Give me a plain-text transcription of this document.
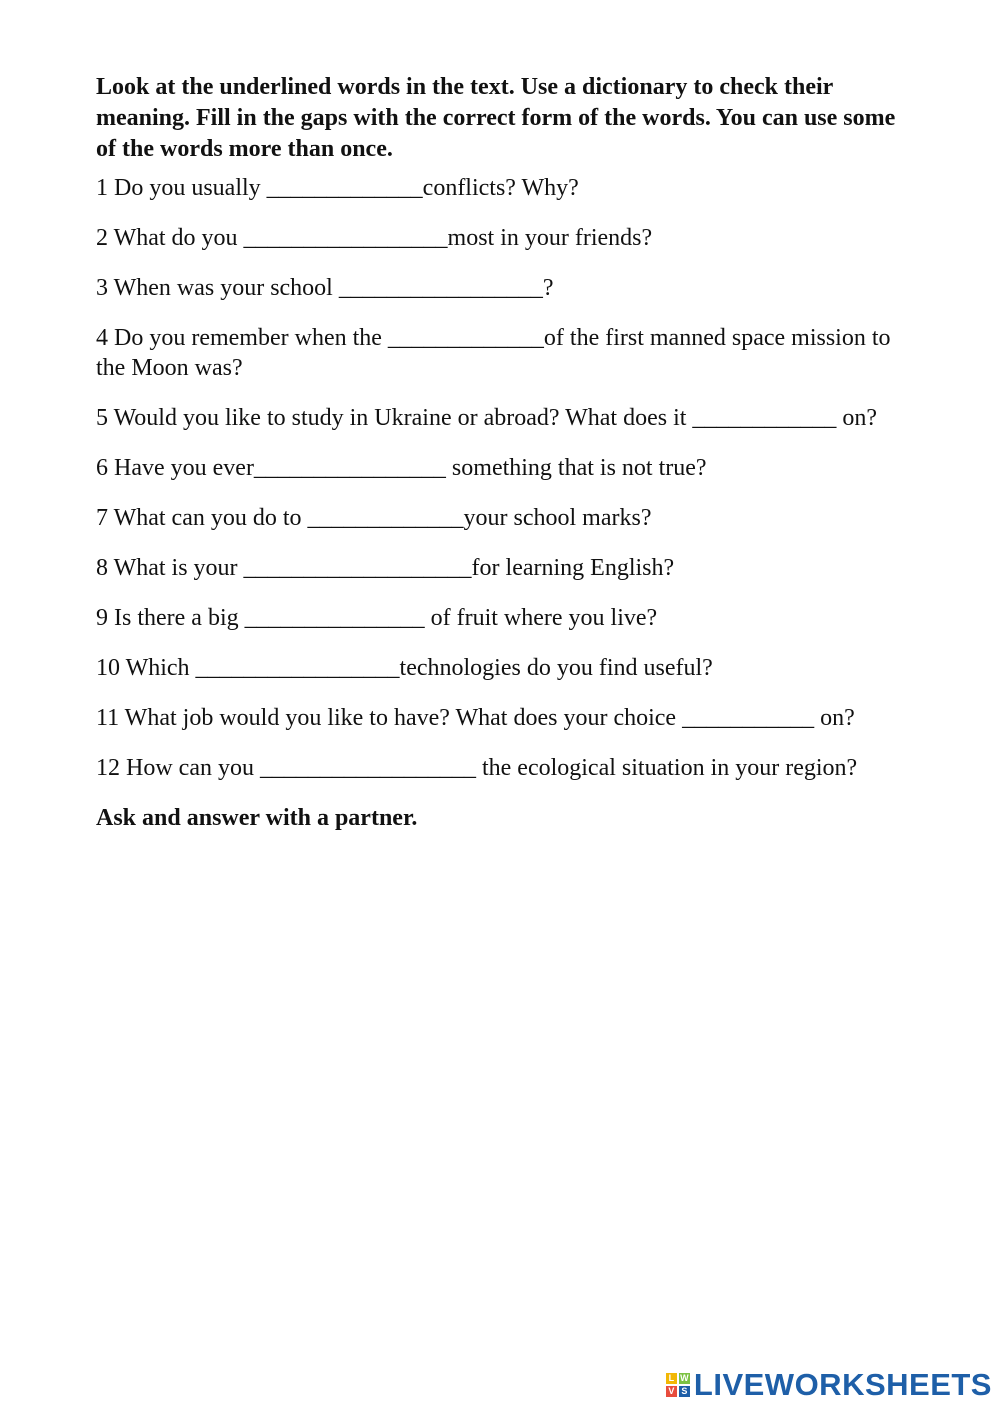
Look at the underlined words in the text. Use a dictionary to check their meaning. Fill in the gaps with the correct form of the words. You can use some of the words more than once.

1 Do you usually _____________conflicts? Why?
2 What do you _________________most in your friends?
3 When was your school _________________?
4 Do you remember when the _____________of the first manned space mission to the Moon was?
5 Would you like to study in Ukraine or abroad? What does it ____________ on?
6 Have you ever________________ something that is not true?
7 What can you do to _____________your school marks?
8 What is your ___________________for learning English?
9 Is there a big _______________ of fruit where you live?
10 Which _________________technologies do you find useful?
11 What job would you like to have? What does your choice ___________ on?
12 How can you __________________ the ecological situation in your region?

Ask and answer with a partner.

L W
V S LIVEWORKSHEETS
